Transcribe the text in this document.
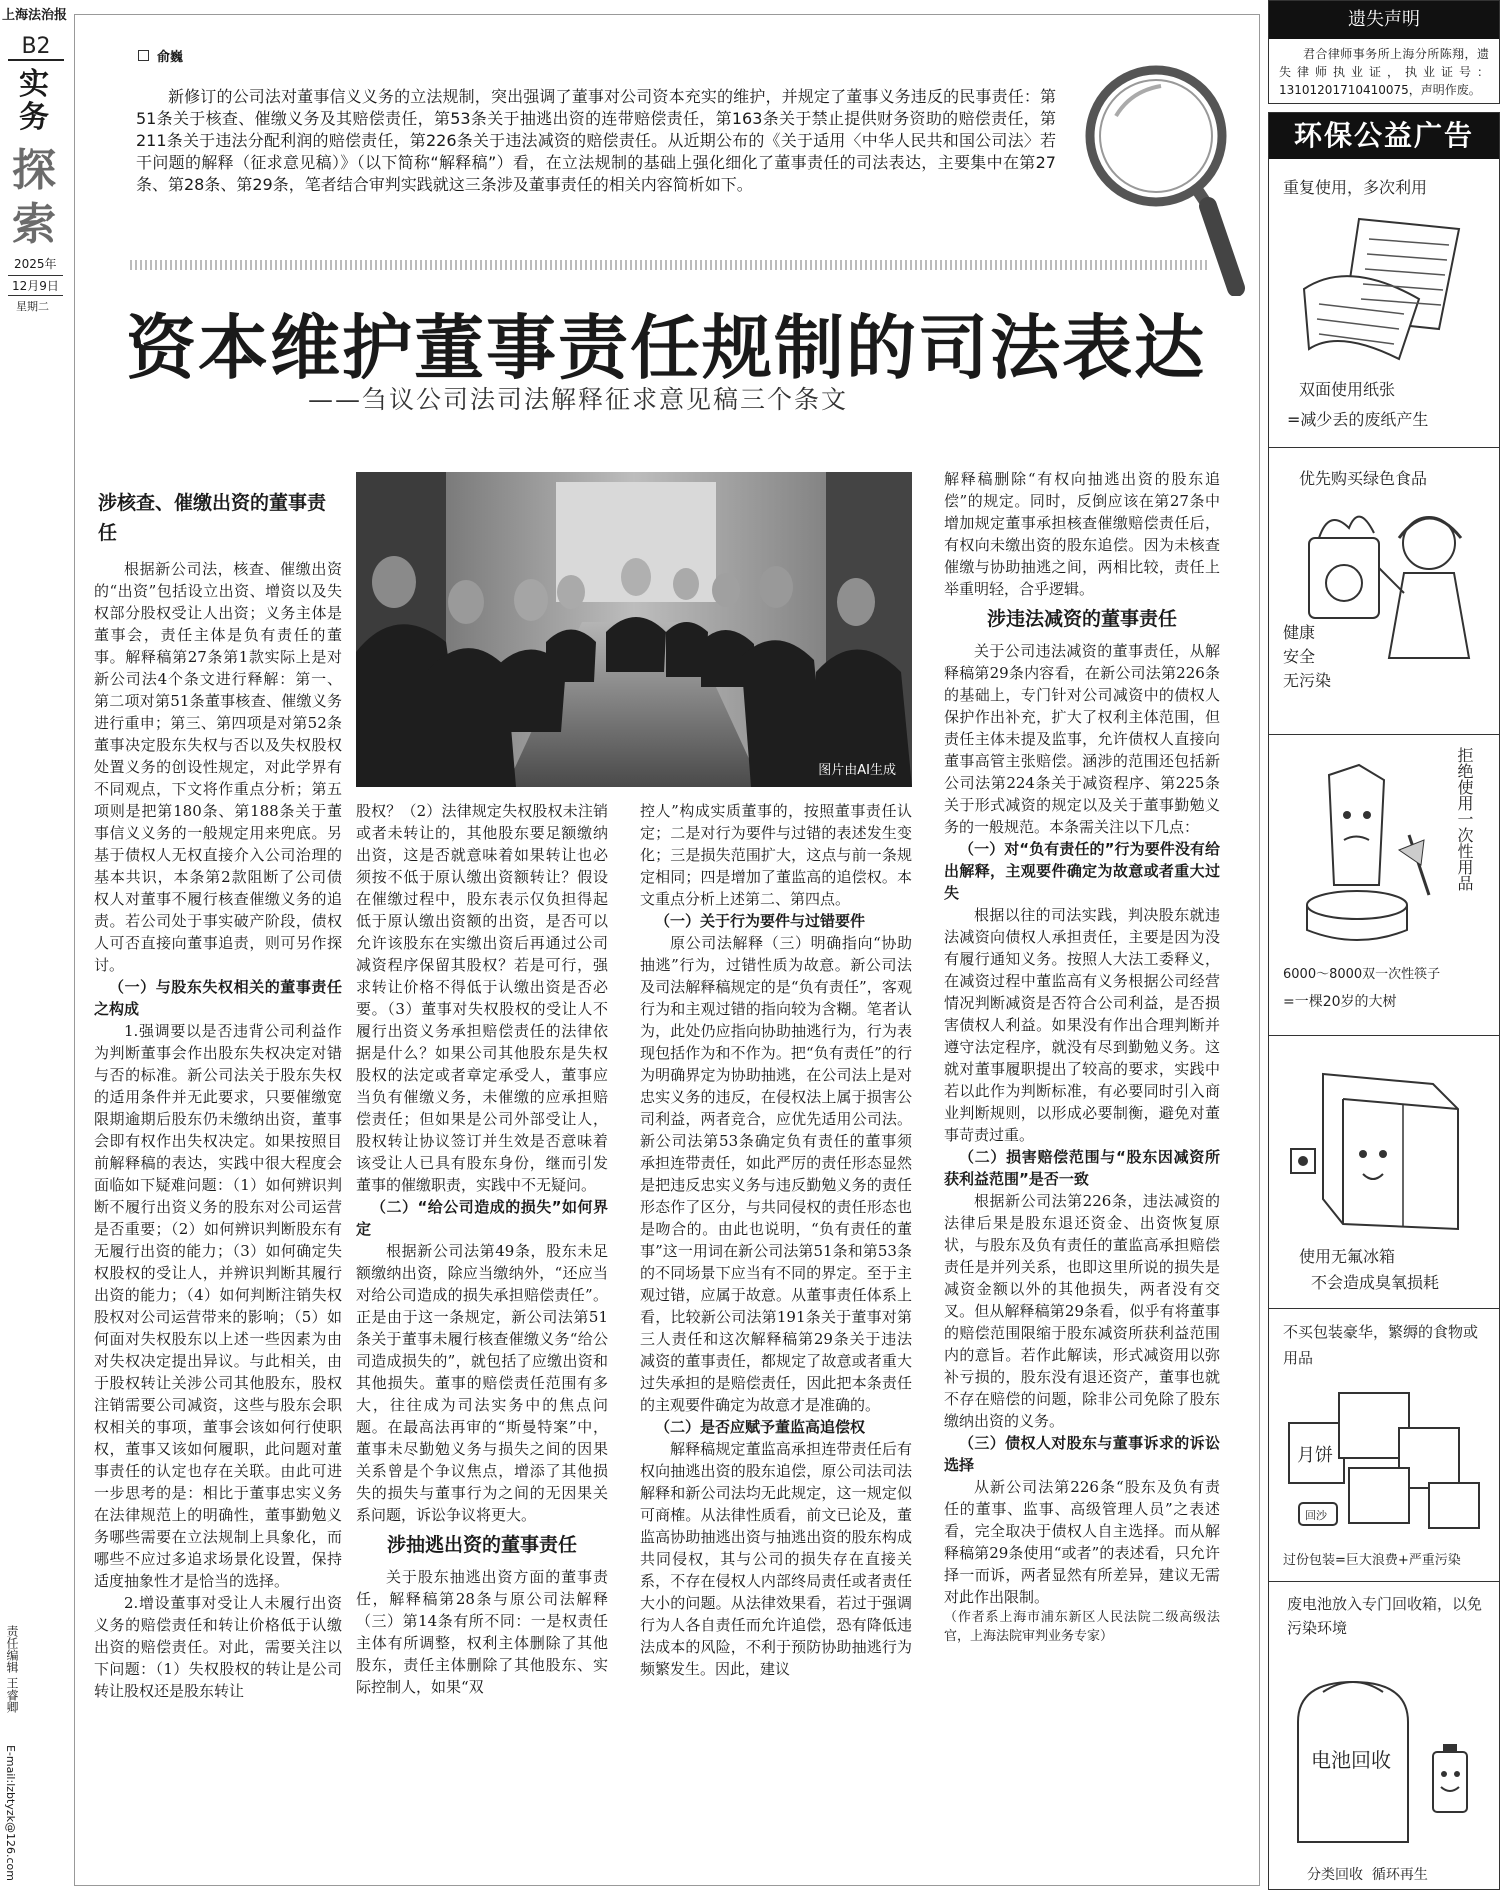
上海法治报
B2
实务
探索
2025年
12月9日
星期二
责任编辑 王睿卿
E-mail:lzbtyzk@126.com
俞巍
新修订的公司法对董事信义义务的立法规制，突出强调了董事对公司资本充实的维护，并规定了董事义务违反的民事责任：第51条关于核查、催缴义务及其赔偿责任，第53条关于抽逃出资的连带赔偿责任，第163条关于禁止提供财务资助的赔偿责任，第211条关于违法分配利润的赔偿责任，第226条关于违法减资的赔偿责任。从近期公布的《关于适用〈中华人民共和国公司法〉若干问题的解释（征求意见稿）》（以下简称“解释稿”）看，在立法规制的基础上强化细化了董事责任的司法表达，主要集中在第27条、第28条、第29条，笔者结合审判实践就这三条涉及董事责任的相关内容简析如下。
资本维护董事责任规制的司法表达
——刍议公司法司法解释征求意见稿三个条文
图片由AI生成
涉核查、催缴出资的董事责任

根据新公司法，核查、催缴出资的“出资”包括设立出资、增资以及失权部分股权受让人出资；义务主体是董事会，责任主体是负有责任的董事。解释稿第27条第1款实际上是对新公司法4个条文进行释解：第一、第二项对第51条董事核查、催缴义务进行重申；第三、第四项是对第52条董事决定股东失权与否以及失权股权处置义务的创设性规定，对此学界有不同观点，下文将作重点分析；第五项则是把第180条、第188条关于董事信义义务的一般规定用来兜底。另基于债权人无权直接介入公司治理的基本共识，本条第2款阻断了公司债权人对董事不履行核查催缴义务的追责。若公司处于事实破产阶段，债权人可否直接向董事追责，则可另作探讨。

（一）与股东失权相关的董事责任之构成

1.强调要以是否违背公司利益作为判断董事会作出股东失权决定对错与否的标准。新公司法关于股东失权的适用条件并无此要求，只要催缴宽限期逾期后股东仍未缴纳出资，董事会即有权作出失权决定。如果按照目前解释稿的表达，实践中很大程度会面临如下疑难问题：（1）如何辨识判断不履行出资义务的股东对公司运营是否重要；（2）如何辨识判断股东有无履行出资的能力；（3）如何确定失权股权的受让人，并辨识判断其履行出资的能力；（4）如何判断注销失权股权对公司运营带来的影响；（5）如何面对失权股东以上述一些因素为由对失权决定提出异议。与此相关，由于股权转让关涉公司其他股东，股权注销需要公司减资，这些与股东会职权相关的事项，董事会该如何行使职权，董事又该如何履职，此问题对董事责任的认定也存在关联。由此可进一步思考的是：相比于董事忠实义务在法律规范上的明确性，董事勤勉义务哪些需要在立法规制上具象化，而哪些不应过多追求场景化设置，保持适度抽象性才是恰当的选择。

2.增设董事对受让人未履行出资义务的赔偿责任和转让价格低于认缴出资的赔偿责任。对此，需要关注以下问题：（1）失权股权的转让是公司转让股权还是股东转让

股权？（2）法律规定失权股权未注销或者未转让的，其他股东要足额缴纳出资，这是否就意味着如果转让也必须按不低于原认缴出资额转让？假设在催缴过程中，股东表示仅负担得起低于原认缴出资额的出资，是否可以允许该股东在实缴出资后再通过公司减资程序保留其股权？若是可行，强求转让价格不得低于认缴出资是否必要。（3）董事对失权股权的受让人不履行出资义务承担赔偿责任的法律依据是什么？如果公司其他股东是失权股权的法定或者章定承受人，董事应当负有催缴义务，未催缴的应承担赔偿责任；但如果是公司外部受让人，股权转让协议签订并生效是否意味着该受让人已具有股东身份，继而引发董事的催缴职责，实践中不无疑问。

（二）“给公司造成的损失”如何界定

根据新公司法第49条，股东未足额缴纳出资，除应当缴纳外，“还应当对给公司造成的损失承担赔偿责任”。正是由于这一条规定，新公司法第51条关于董事未履行核查催缴义务“给公司造成损失的”，就包括了应缴出资和其他损失。董事的赔偿责任范围有多大，往往成为司法实务中的焦点问题。在最高法再审的“斯曼特案”中，董事未尽勤勉义务与损失之间的因果关系曾是个争议焦点，增添了其他损失的损失与董事行为之间的无因果关系问题，诉讼争议将更大。

涉抽逃出资的董事责任

关于股东抽逃出资方面的董事责任，解释稿第28条与原公司法解释（三）第14条有所不同：一是权责任主体有所调整，权利主体删除了其他股东，责任主体删除了其他股东、实际控制人，如果“双

控人”构成实质董事的，按照董事责任认定；二是对行为要件与过错的表述发生变化；三是损失范围扩大，这点与前一条规定相同；四是增加了董监高的追偿权。本文重点分析上述第二、第四点。

（一）关于行为要件与过错要件

原公司法解释（三）明确指向“协助抽逃”行为，过错性质为故意。新公司法及司法解释稿规定的是“负有责任”，客观行为和主观过错的指向较为含糊。笔者认为，此处仍应指向协助抽逃行为，行为表现包括作为和不作为。把“负有责任”的行为明确界定为协助抽逃，在公司法上是对忠实义务的违反，在侵权法上属于损害公司利益，两者竞合，应优先适用公司法。新公司法第53条确定负有责任的董事须承担连带责任，如此严厉的责任形态显然是把违反忠实义务与违反勤勉义务的责任形态作了区分，与共同侵权的责任形态也是吻合的。由此也说明，“负有责任的董事”这一用词在新公司法第51条和第53条的不同场景下应当有不同的界定。至于主观过错，应属于故意。从董事责任体系上看，比较新公司法第191条关于董事对第三人责任和这次解释稿第29条关于违法减资的董事责任，都规定了故意或者重大过失承担的是赔偿责任，因此把本条责任的主观要件确定为故意才是准确的。

（二）是否应赋予董监高追偿权

解释稿规定董监高承担连带责任后有权向抽逃出资的股东追偿，原公司法司法解释和新公司法均无此规定，这一规定似可商榷。从法律性质看，前文已论及，董监高协助抽逃出资与抽逃出资的股东构成共同侵权，其与公司的损失存在直接关系，不存在侵权人内部终局责任或者责任大小的问题。从法律效果看，若过于强调行为人各自责任而允许追偿，恐有降低违法成本的风险，不利于预防协助抽逃行为频繁发生。因此，建议

解释稿删除“有权向抽逃出资的股东追偿”的规定。同时，反倒应该在第27条中增加规定董事承担核查催缴赔偿责任后，有权向未缴出资的股东追偿。因为未核查催缴与协助抽逃之间，两相比较，责任上举重明轻，合乎逻辑。

涉违法减资的董事责任

关于公司违法减资的董事责任，从解释稿第29条内容看，在新公司法第226条的基础上，专门针对公司减资中的债权人保护作出补充，扩大了权利主体范围，但责任主体未提及监事，允许债权人直接向董事高管主张赔偿。涵涉的范围还包括新公司法第224条关于减资程序、第225条关于形式减资的规定以及关于董事勤勉义务的一般规范。本条需关注以下几点：

（一）对“负有责任的”行为要件没有给出解释，主观要件确定为故意或者重大过失

根据以往的司法实践，判决股东就违法减资向债权人承担责任，主要是因为没有履行通知义务。按照人大法工委释义，在减资过程中董监高有义务根据公司经营情况判断减资是否符合公司利益，是否损害债权人利益。如果没有作出合理判断并遵守法定程序，就没有尽到勤勉义务。这就对董事履职提出了较高的要求，实践中若以此作为判断标准，有必要同时引入商业判断规则，以形成必要制衡，避免对董事苛责过重。

（二）损害赔偿范围与“股东因减资所获利益范围”是否一致

根据新公司法第226条，违法减资的法律后果是股东退还资金、出资恢复原状，与股东及负有责任的董监高承担赔偿责任是并列关系，也即这里所说的损失是减资金额以外的其他损失，两者没有交叉。但从解释稿第29条看，似乎有将董事的赔偿范围限缩于股东减资所获利益范围内的意旨。若作此解读，形式减资用以弥补亏损的，股东没有退还资产，董事也就不存在赔偿的问题，除非公司免除了股东缴纳出资的义务。

（三）债权人对股东与董事诉求的诉讼选择

从新公司法第226条“股东及负有责任的董事、监事、高级管理人员”之表述看，完全取决于债权人自主选择。而从解释稿第29条使用“或者”的表述看，只允许择一而诉，两者显然有所差异，建议无需对此作出限制。

（作者系上海市浦东新区人民法院二级高级法官，上海法院审判业务专家）

遗失声明
君合律师事务所上海分所陈翔，遗失律师执业证，执业证号：13101201710410075，声明作废。
环保公益广告
重复使用，多次利用
双面使用纸张
=减少丢的废纸产生
优先购买绿色食品
健康
安全
无污染
拒绝使用一次性用品
6000～8000双一次性筷子
=一棵20岁的大树
使用无氟冰箱
不会造成臭氧损耗
不买包装豪华，繁缛的食物或用品
月饼
回沙
过份包装=巨大浪费+严重污染
废电池放入专门回收箱，以免污染环境
电池回收
分类回收  循环再生
